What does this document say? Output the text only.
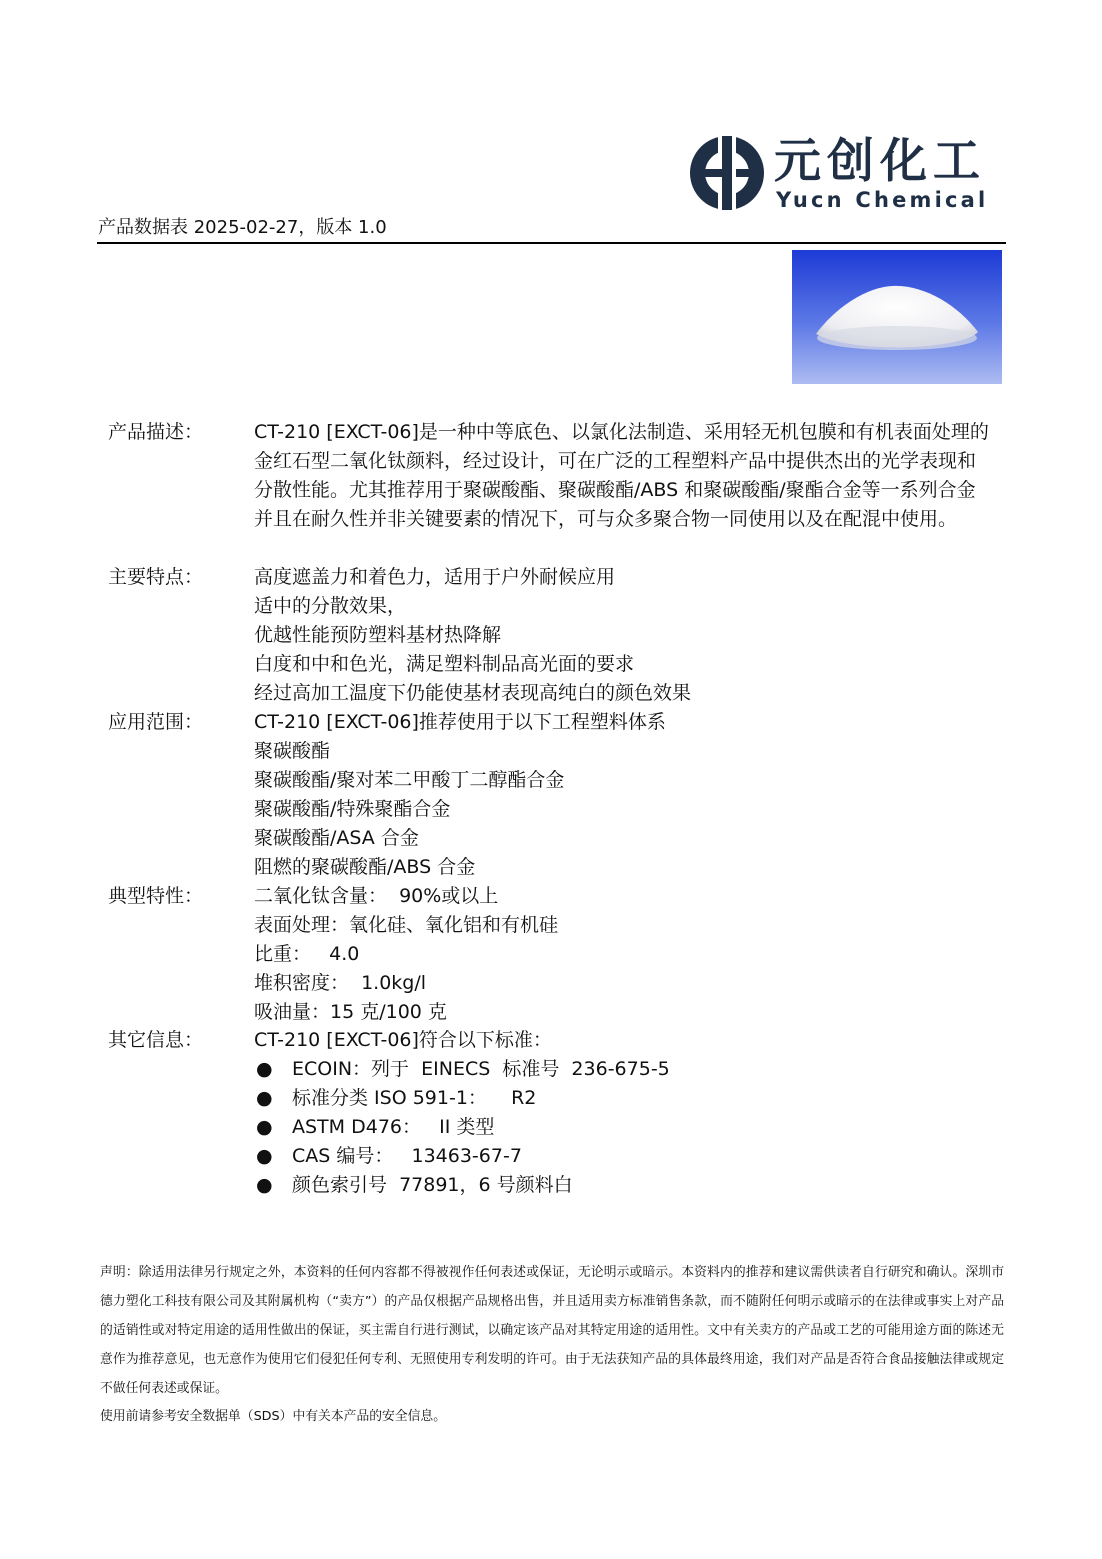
元创化工
Yucn Chemical
产品数据表 2025-02-27，版本 1.0
产品描述：	CT-210 [EXCT-06]是一种中等底色、以氯化法制造、采用轻无机包膜和有机表面处理的金红石型二氧化钛颜料，经过设计，可在广泛的工程塑料产品中提供杰出的光学表现和分散性能。尤其推荐用于聚碳酸酯、聚碳酸酯/ABS 和聚碳酸酯/聚酯合金等一系列合金并且在耐久性并非关键要素的情况下，可与众多聚合物一同使用以及在配混中使用。
主要特点：	高度遮盖力和着色力，适用于户外耐候应用
适中的分散效果，
优越性能预防塑料基材热降解
白度和中和色光，满足塑料制品高光面的要求
经过高加工温度下仍能使基材表现高纯白的颜色效果
应用范围：	CT-210 [EXCT-06]推荐使用于以下工程塑料体系
聚碳酸酯
聚碳酸酯/聚对苯二甲酸丁二醇酯合金
聚碳酸酯/特殊聚酯合金
聚碳酸酯/ASA 合金
阻燃的聚碳酸酯/ABS 合金
典型特性：	二氧化钛含量：  90%或以上
表面处理：氧化硅、氧化铝和有机硅
比重：   4.0
堆积密度：  1.0kg/l
吸油量：15 克/100 克
其它信息：	CT-210 [EXCT-06]符合以下标准：
● ECOIN：列于  EINECS  标准号  236-675-5
● 标准分类 ISO 591-1：    R2
● ASTM D476：   II 类型
● CAS 编号：   13463-67-7
● 颜色索引号  77891，6 号颜料白
声明：除适用法律另行规定之外，本资料的任何内容都不得被视作任何表述或保证，无论明示或暗示。本资料内的推荐和建议需供读者自行研究和确认。深圳市德力塑化工科技有限公司及其附属机构（“卖方”）的产品仅根据产品规格出售，并且适用卖方标准销售条款，而不随附任何明示或暗示的在法律或事实上对产品的适销性或对特定用途的适用性做出的保证，买主需自行进行测试，以确定该产品对其特定用途的适用性。文中有关卖方的产品或工艺的可能用途方面的陈述无意作为推荐意见，也无意作为使用它们侵犯任何专利、无照使用专利发明的许可。由于无法获知产品的具体最终用途，我们对产品是否符合食品接触法律或规定不做任何表述或保证。
使用前请参考安全数据单（SDS）中有关本产品的安全信息。
